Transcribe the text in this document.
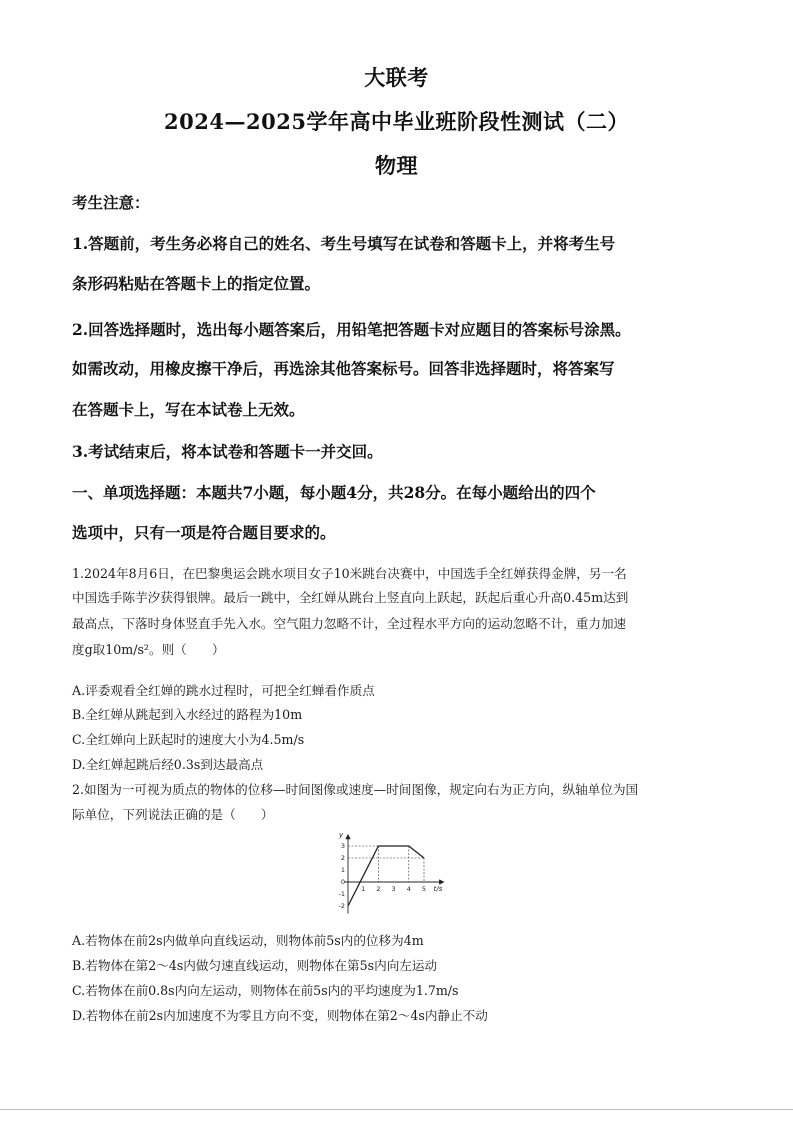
大联考
2024—2025学年高中毕业班阶段性测试（二）
物理
考生注意：
1.答题前，考生务必将自己的姓名、考生号填写在试卷和答题卡上，并将考生号
条形码粘贴在答题卡上的指定位置。
2.回答选择题时，选出每小题答案后，用铅笔把答题卡对应题目的答案标号涂黑。
如需改动，用橡皮擦干净后，再选涂其他答案标号。回答非选择题时，将答案写
在答题卡上，写在本试卷上无效。
3.考试结束后，将本试卷和答题卡一并交回。
一、单项选择题：本题共7小题，每小题4分，共28分。在每小题给出的四个
选项中，只有一项是符合题目要求的。
1.2024年8月6日，在巴黎奥运会跳水项目女子10米跳台决赛中，中国选手全红婵获得金牌，另一名
中国选手陈芋汐获得银牌。最后一跳中，全红婵从跳台上竖直向上跃起，跃起后重心升高0.45m达到
最高点，下落时身体竖直手先入水。空气阻力忽略不计，全过程水平方向的运动忽略不计，重力加速
度g取10m/s²。则（　　）
A.评委观看全红婵的跳水过程时，可把全红蝉看作质点
B.全红婵从跳起到入水经过的路程为10m
C.全红婵向上跃起时的速度大小为4.5m/s
D.全红婵起跳后经0.3s到达最高点
2.如图为一可视为质点的物体的位移—时间图像或速度—时间图像，规定向右为正方向，纵轴单位为国
际单位，下列说法正确的是（　　）
1 2 3 4 5
3
2
1
0
-1
-2
t/s
y
A.若物体在前2s内做单向直线运动，则物体前5s内的位移为4m
B.若物体在第2～4s内做匀速直线运动，则物体在第5s内向左运动
C.若物体在前0.8s内向左运动，则物体在前5s内的平均速度为1.7m/s
D.若物体在前2s内加速度不为零且方向不变，则物体在第2～4s内静止不动
